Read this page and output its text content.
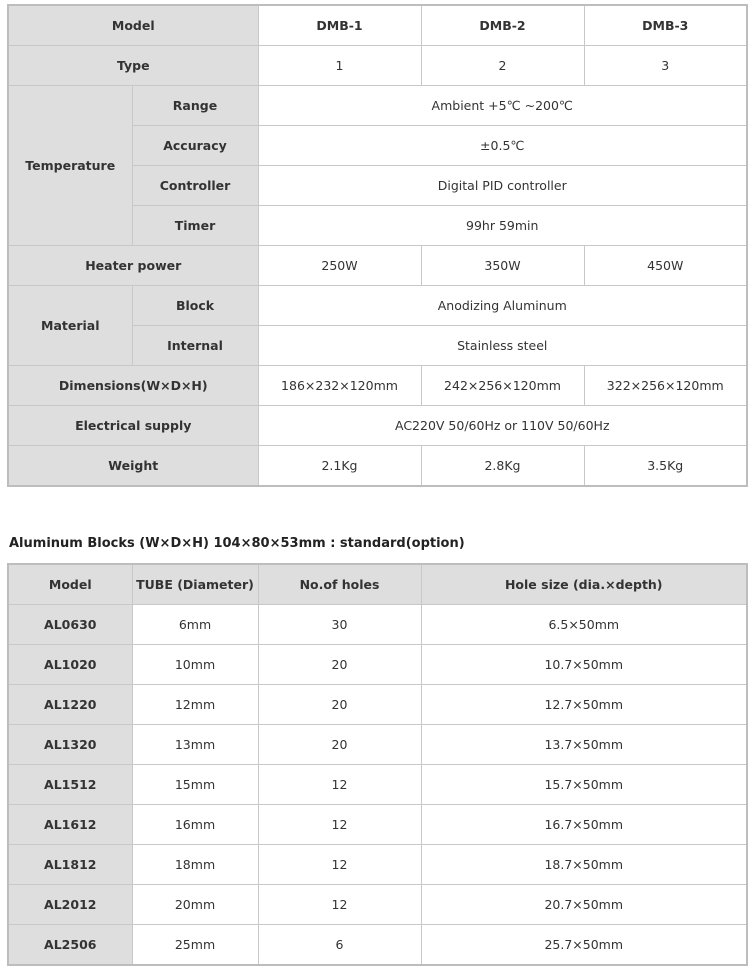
Model		DMB-1	DMB-2	DMB-3
Type		1	2	3
Temperature	Range	Ambient +5℃ ~200℃		
	Accuracy	±0.5℃		
	Controller	Digital PID controller		
	Timer	99hr 59min		
Heater power		250W	350W	450W
Material	Block	Anodizing Aluminum		
	Internal	Stainless steel		
Dimensions(W×D×H)		186×232×120mm	242×256×120mm	322×256×120mm
Electrical supply		AC220V 50/60Hz or 110V 50/60Hz		
Weight		2.1Kg	2.8Kg	3.5Kg

Aluminum Blocks (W×D×H) 104×80×53mm : standard(option)

Model	TUBE (Diameter)	No.of holes	Hole size (dia.×depth)
AL0630	6mm	30	6.5×50mm
AL1020	10mm	20	10.7×50mm
AL1220	12mm	20	12.7×50mm
AL1320	13mm	20	13.7×50mm
AL1512	15mm	12	15.7×50mm
AL1612	16mm	12	16.7×50mm
AL1812	18mm	12	18.7×50mm
AL2012	20mm	12	20.7×50mm
AL2506	25mm	6	25.7×50mm
